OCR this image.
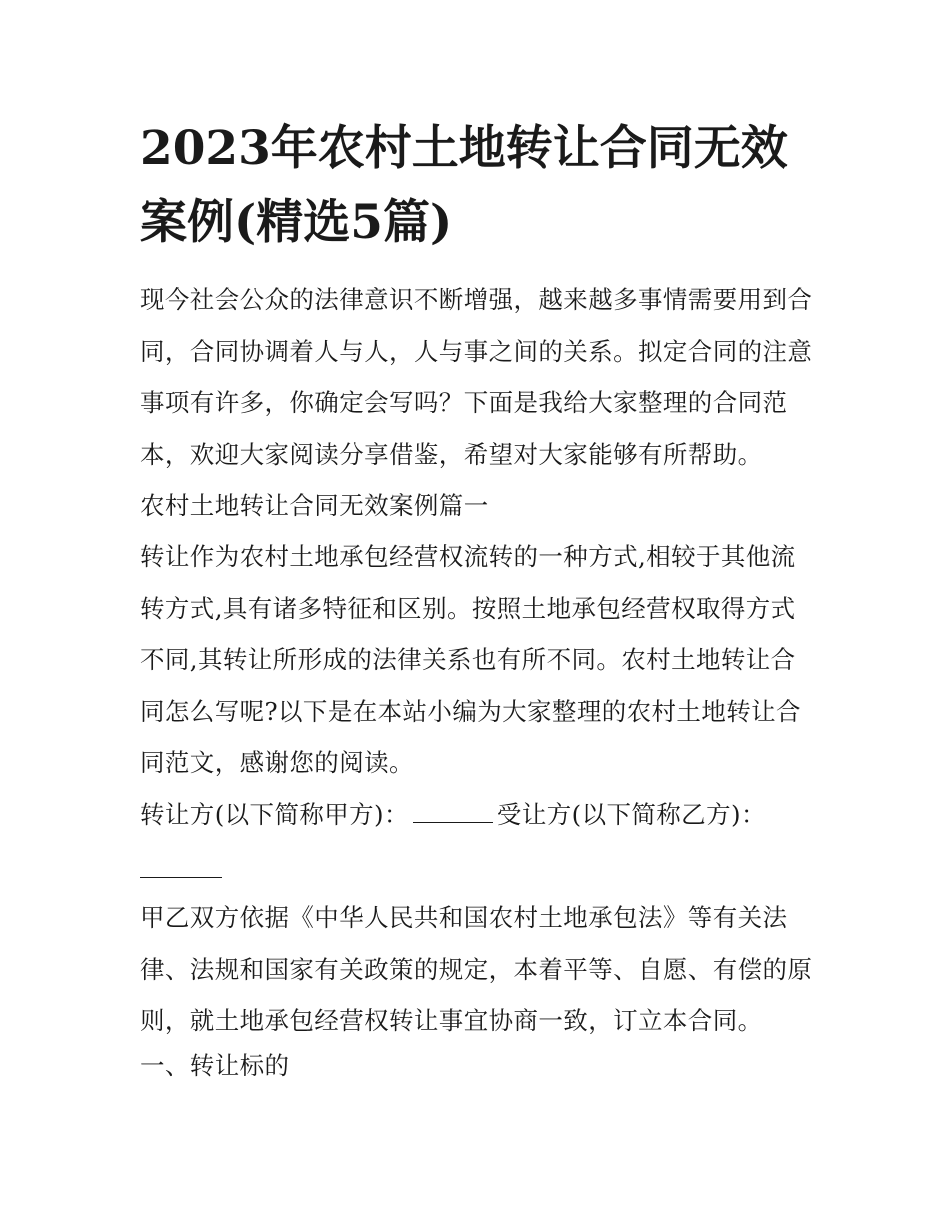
2023年农村土地转让合同无效
案例(精选5篇)

现今社会公众的法律意识不断增强，越来越多事情需要用到合同，合同协调着人与人，人与事之间的关系。拟定合同的注意事项有许多，你确定会写吗？下面是我给大家整理的合同范本，欢迎大家阅读分享借鉴，希望对大家能够有所帮助。

农村土地转让合同无效案例篇一

转让作为农村土地承包经营权流转的一种方式,相较于其他流转方式,具有诸多特征和区别。按照土地承包经营权取得方式不同,其转让所形成的法律关系也有所不同。农村土地转让合同怎么写呢?以下是在本站小编为大家整理的农村土地转让合同范文，感谢您的阅读。

转让方(以下简称甲方)：	受让方(以下简称乙方)：

甲乙双方依据《中华人民共和国农村土地承包法》等有关法律、法规和国家有关政策的规定，本着平等、自愿、有偿的原则，就土地承包经营权转让事宜协商一致，订立本合同。

一、转让标的
